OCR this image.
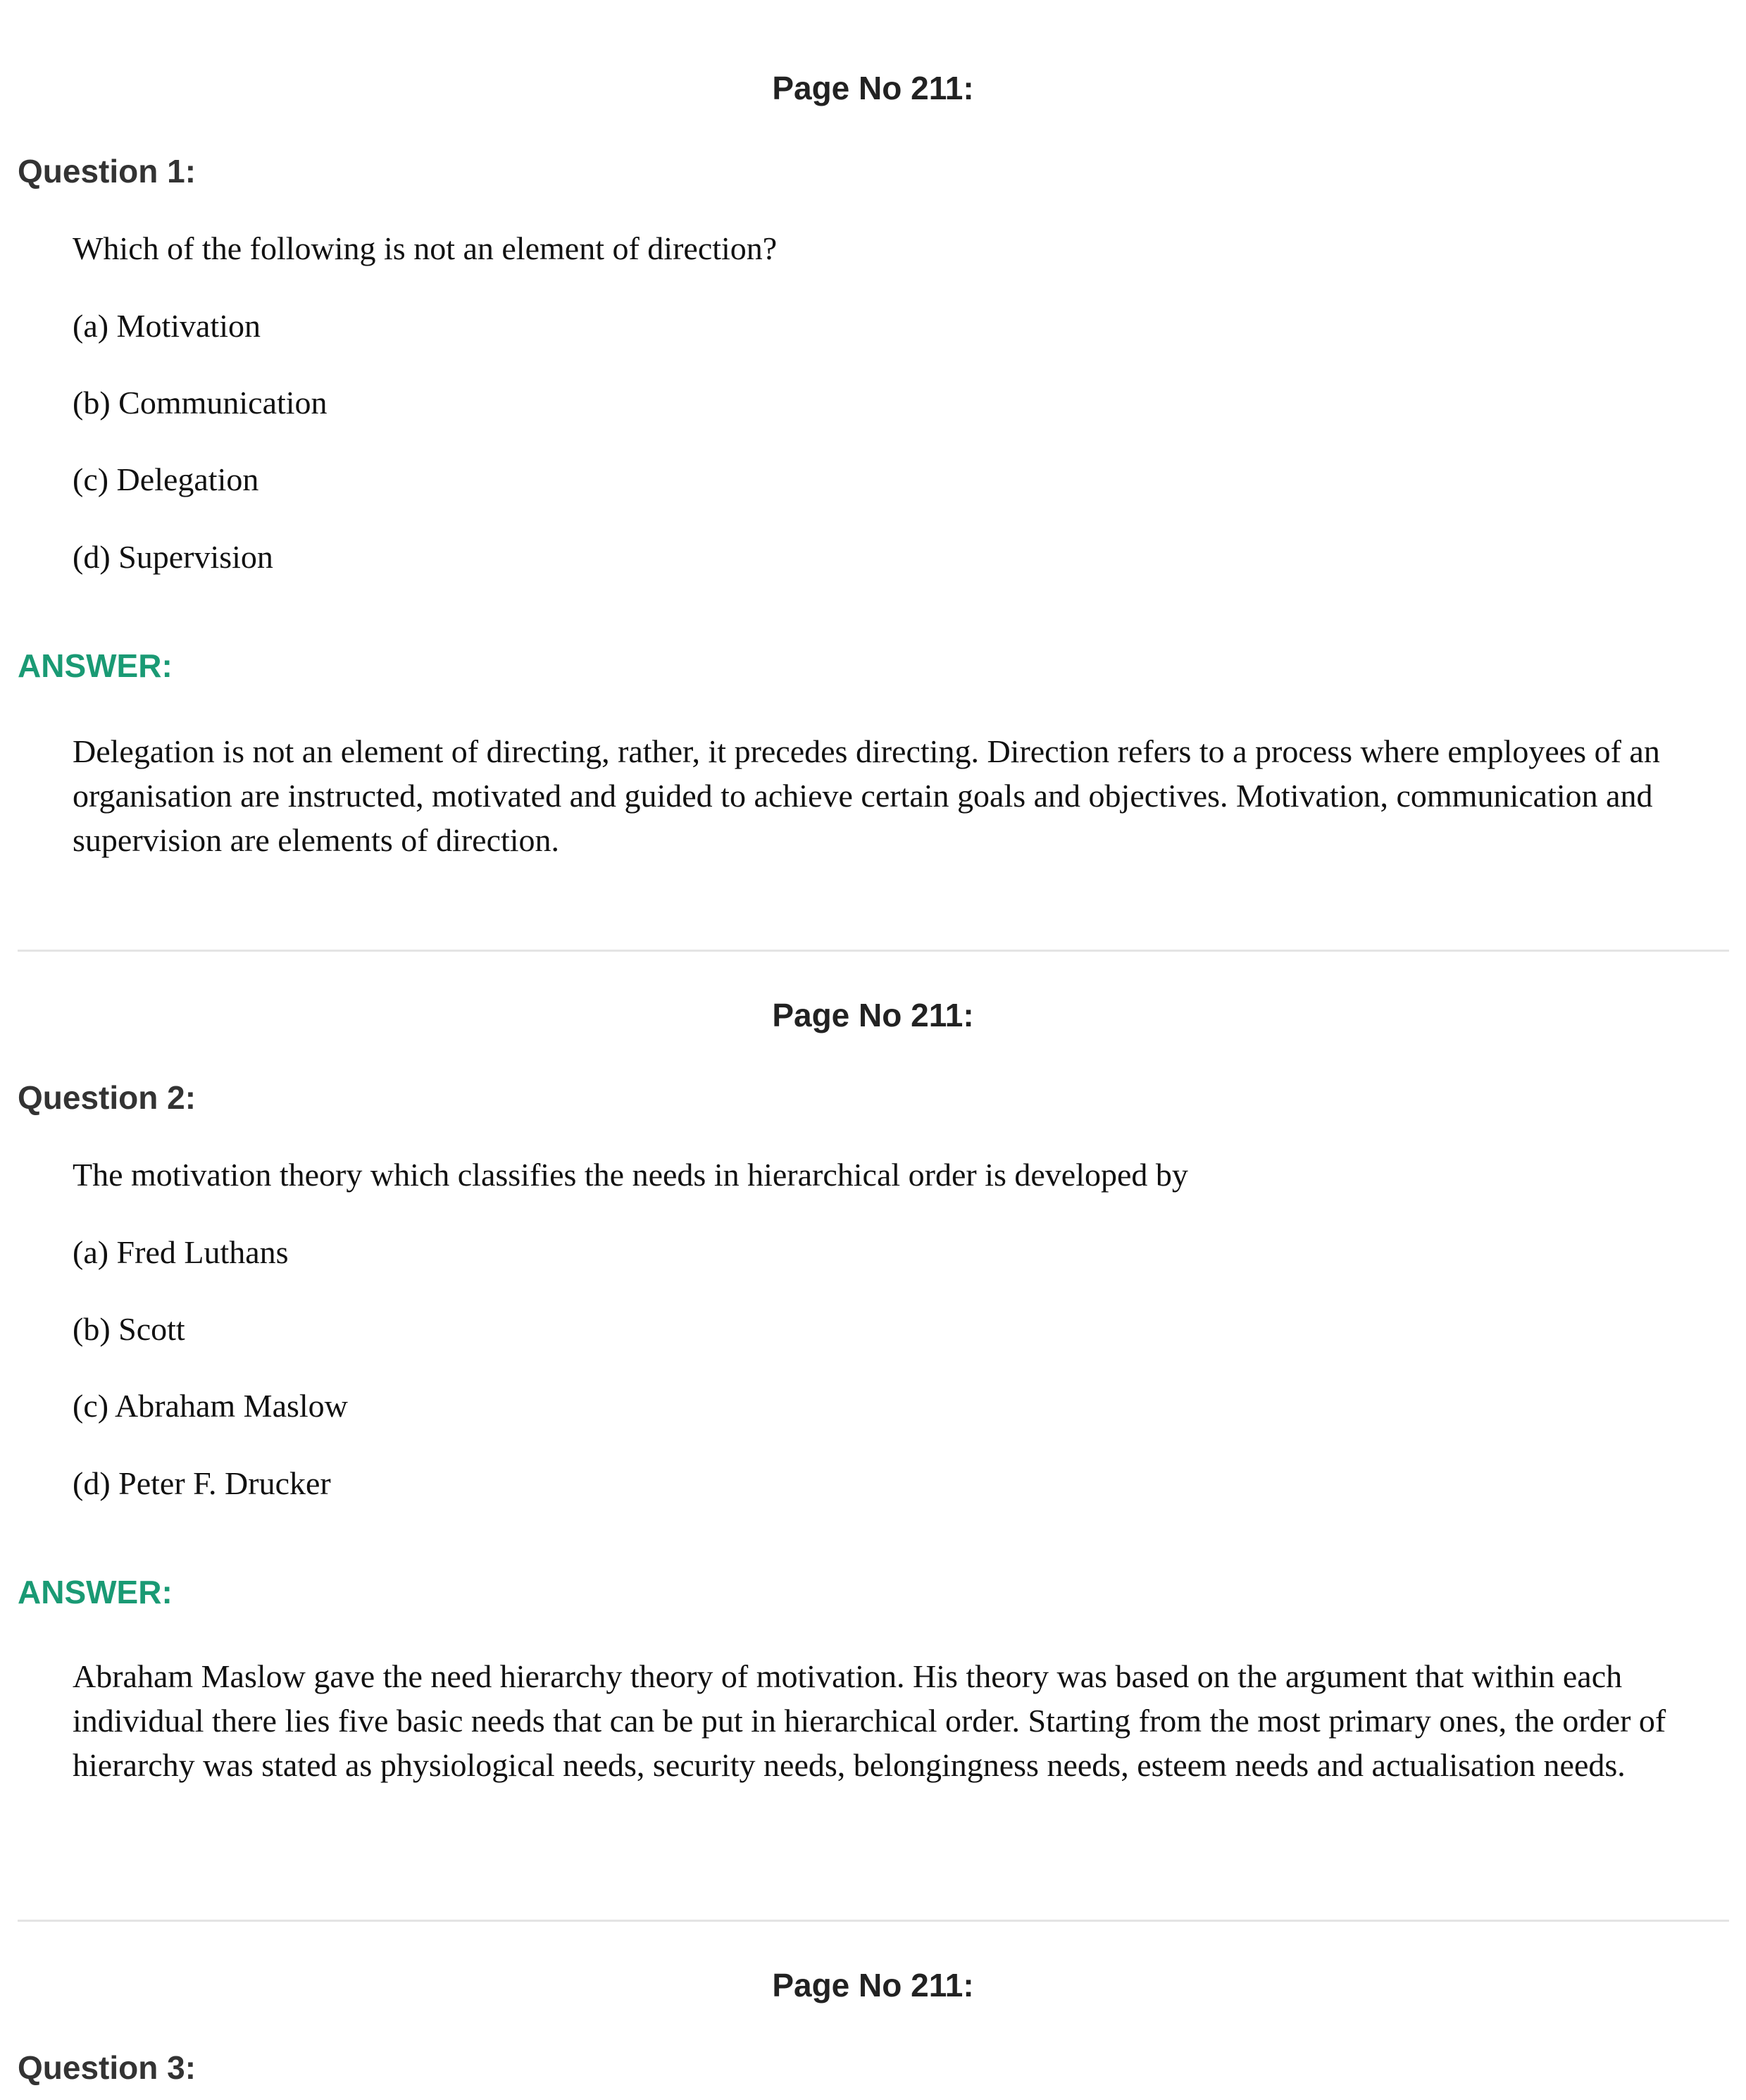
Page No 211:
Question 1:

Which of the following is not an element of direction?

(a) Motivation

(b) Communication

(c) Delegation

(d) Supervision

ANSWER:

Delegation is not an element of directing, rather, it precedes directing. Direction refers to a process where employees of an organisation are instructed, motivated and guided to achieve certain goals and objectives. Motivation, communication and supervision are elements of direction.

Page No 211:
Question 2:

The motivation theory which classifies the needs in hierarchical order is developed by

(a) Fred Luthans

(b) Scott

(c) Abraham Maslow

(d) Peter F. Drucker

ANSWER:

Abraham Maslow gave the need hierarchy theory of motivation. His theory was based on the argument that within each individual there lies five basic needs that can be put in hierarchical order. Starting from the most primary ones, the order of hierarchy was stated as physiological needs, security needs, belongingness needs, esteem needs and actualisation needs.

Page No 211:
Question 3:
